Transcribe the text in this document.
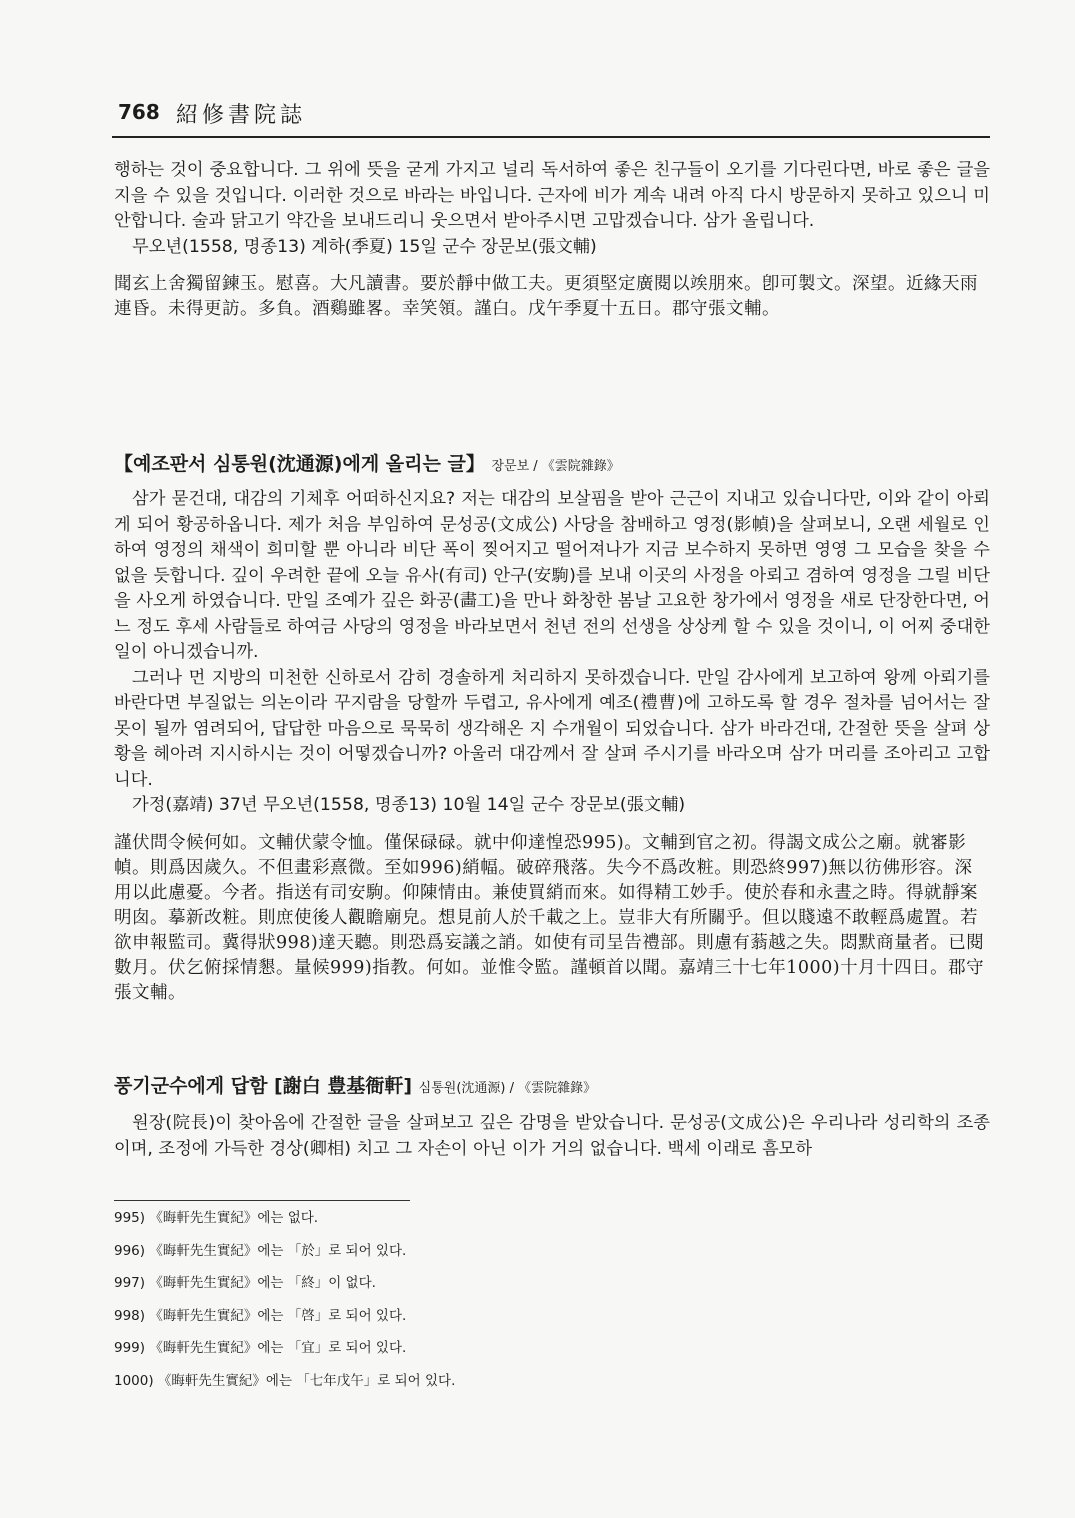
768 紹修書院誌

행하는 것이 중요합니다. 그 위에 뜻을 굳게 가지고 널리 독서하여 좋은 친구들이 오기를 기다린다면, 바로 좋은 글을 지을 수 있을 것입니다. 이러한 것으로 바라는 바입니다. 근자에 비가 계속 내려 아직 다시 방문하지 못하고 있으니 미안합니다. 술과 닭고기 약간을 보내드리니 웃으면서 받아주시면 고맙겠습니다. 삼가 올립니다.

무오년(1558, 명종13) 계하(季夏) 15일 군수 장문보(張文輔)

聞玄上舍獨留鍊玉。慰喜。大凡讀書。要於靜中做工夫。更須堅定廣閱以竢朋來。卽可製文。深望。近緣天雨連昏。未得更訪。多負。酒鷄雖畧。幸笑領。謹白。戊午季夏十五日。郡守張文輔。

【예조판서 심통원(沈通源)에게 올리는 글】 장문보 / 《雲院雜錄》

삼가 묻건대, 대감의 기체후 어떠하신지요? 저는 대감의 보살핌을 받아 근근이 지내고 있습니다만, 이와 같이 아뢰게 되어 황공하옵니다. 제가 처음 부임하여 문성공(文成公) 사당을 참배하고 영정(影幀)을 살펴보니, 오랜 세월로 인하여 영정의 채색이 희미할 뿐 아니라 비단 폭이 찢어지고 떨어져나가 지금 보수하지 못하면 영영 그 모습을 찾을 수 없을 듯합니다. 깊이 우려한 끝에 오늘 유사(有司) 안구(安駒)를 보내 이곳의 사정을 아뢰고 겸하여 영정을 그릴 비단을 사오게 하였습니다. 만일 조예가 깊은 화공(畵工)을 만나 화창한 봄날 고요한 창가에서 영정을 새로 단장한다면, 어느 정도 후세 사람들로 하여금 사당의 영정을 바라보면서 천년 전의 선생을 상상케 할 수 있을 것이니, 이 어찌 중대한 일이 아니겠습니까.

그러나 먼 지방의 미천한 신하로서 감히 경솔하게 처리하지 못하겠습니다. 만일 감사에게 보고하여 왕께 아뢰기를 바란다면 부질없는 의논이라 꾸지람을 당할까 두렵고, 유사에게 예조(禮曹)에 고하도록 할 경우 절차를 넘어서는 잘못이 될까 염려되어, 답답한 마음으로 묵묵히 생각해온 지 수개월이 되었습니다. 삼가 바라건대, 간절한 뜻을 살펴 상황을 헤아려 지시하시는 것이 어떻겠습니까? 아울러 대감께서 잘 살펴 주시기를 바라오며 삼가 머리를 조아리고 고합니다.

가정(嘉靖) 37년 무오년(1558, 명종13) 10월 14일 군수 장문보(張文輔)

謹伏問令候何如。文輔伏蒙令恤。僅保碌碌。就中仰達惶恐995)。文輔到官之初。得謁文成公之廟。就審影幀。則爲因歲久。不但畫彩熹微。至如996)綃幅。破碎飛落。失今不爲改粧。則恐終997)無以彷佛形容。深用以此慮憂。今者。指送有司安駒。仰陳情由。兼使買綃而來。如得精工妙手。使於春和永晝之時。得就靜案明囱。摹新改粧。則庶使後人觀瞻廟皃。想見前人於千載之上。豈非大有所關乎。但以賤遠不敢輕爲處置。若欲申報監司。冀得狀998)達天聽。則恐爲妄議之誚。如使有司呈告禮部。則慮有蓊越之失。悶默商量者。已閱數月。伏乞俯採情懇。量候999)指教。何如。並惟令監。謹頓首以聞。嘉靖三十七年1000)十月十四日。郡守張文輔。

풍기군수에게 답함 [謝白 豊基衙軒] 심통원(沈通源) / 《雲院雜錄》

원장(院長)이 찾아옴에 간절한 글을 살펴보고 깊은 감명을 받았습니다. 문성공(文成公)은 우리나라 성리학의 조종이며, 조정에 가득한 경상(卿相) 치고 그 자손이 아닌 이가 거의 없습니다. 백세 이래로 흠모하

995) 《晦軒先生實紀》에는 없다.

996) 《晦軒先生實紀》에는 「於」로 되어 있다.

997) 《晦軒先生實紀》에는 「終」이 없다.

998) 《晦軒先生實紀》에는 「啓」로 되어 있다.

999) 《晦軒先生實紀》에는 「宜」로 되어 있다.

1000) 《晦軒先生實紀》에는 「七年戊午」로 되어 있다.
